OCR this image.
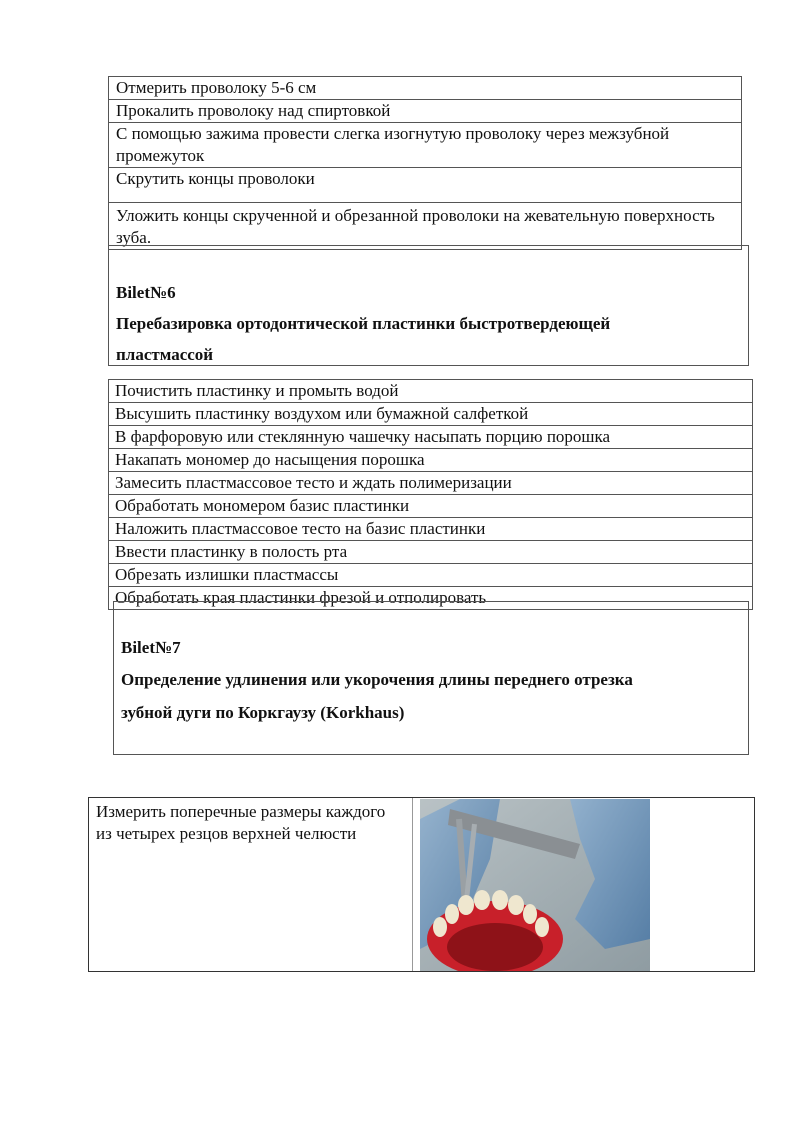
Отмерить проволоку 5-6 см
Прокалить проволоку над спиртовкой
С помощью зажима провести слегка изогнутую проволоку через межзубной промежуток
Скрутить концы проволоки
Уложить концы скрученной и обрезанной проволоки на жевательную поверхность зуба.
Bilet№6
Перебазировка ортодонтической пластинки быстротвердеющей
пластмассой
Почистить пластинку и промыть водой
Высушить пластинку воздухом или бумажной салфеткой
В фарфоровую или стеклянную чашечку насыпать порцию порошка
Накапать мономер до насыщения порошка
Замесить пластмассовое тесто и ждать полимеризации
Обработать мономером базис пластинки
Наложить пластмассовое тесто на базис пластинки
Ввести пластинку в полость рта
Обрезать излишки пластмассы
Обработать края пластинки фрезой и отполировать
Bilet№7
Определение удлинения или укорочения длины переднего отрезка
зубной дуги по Коркгаузу (Korkhaus)
Измерить поперечные размеры каждого из четырех резцов верхней челюсти
